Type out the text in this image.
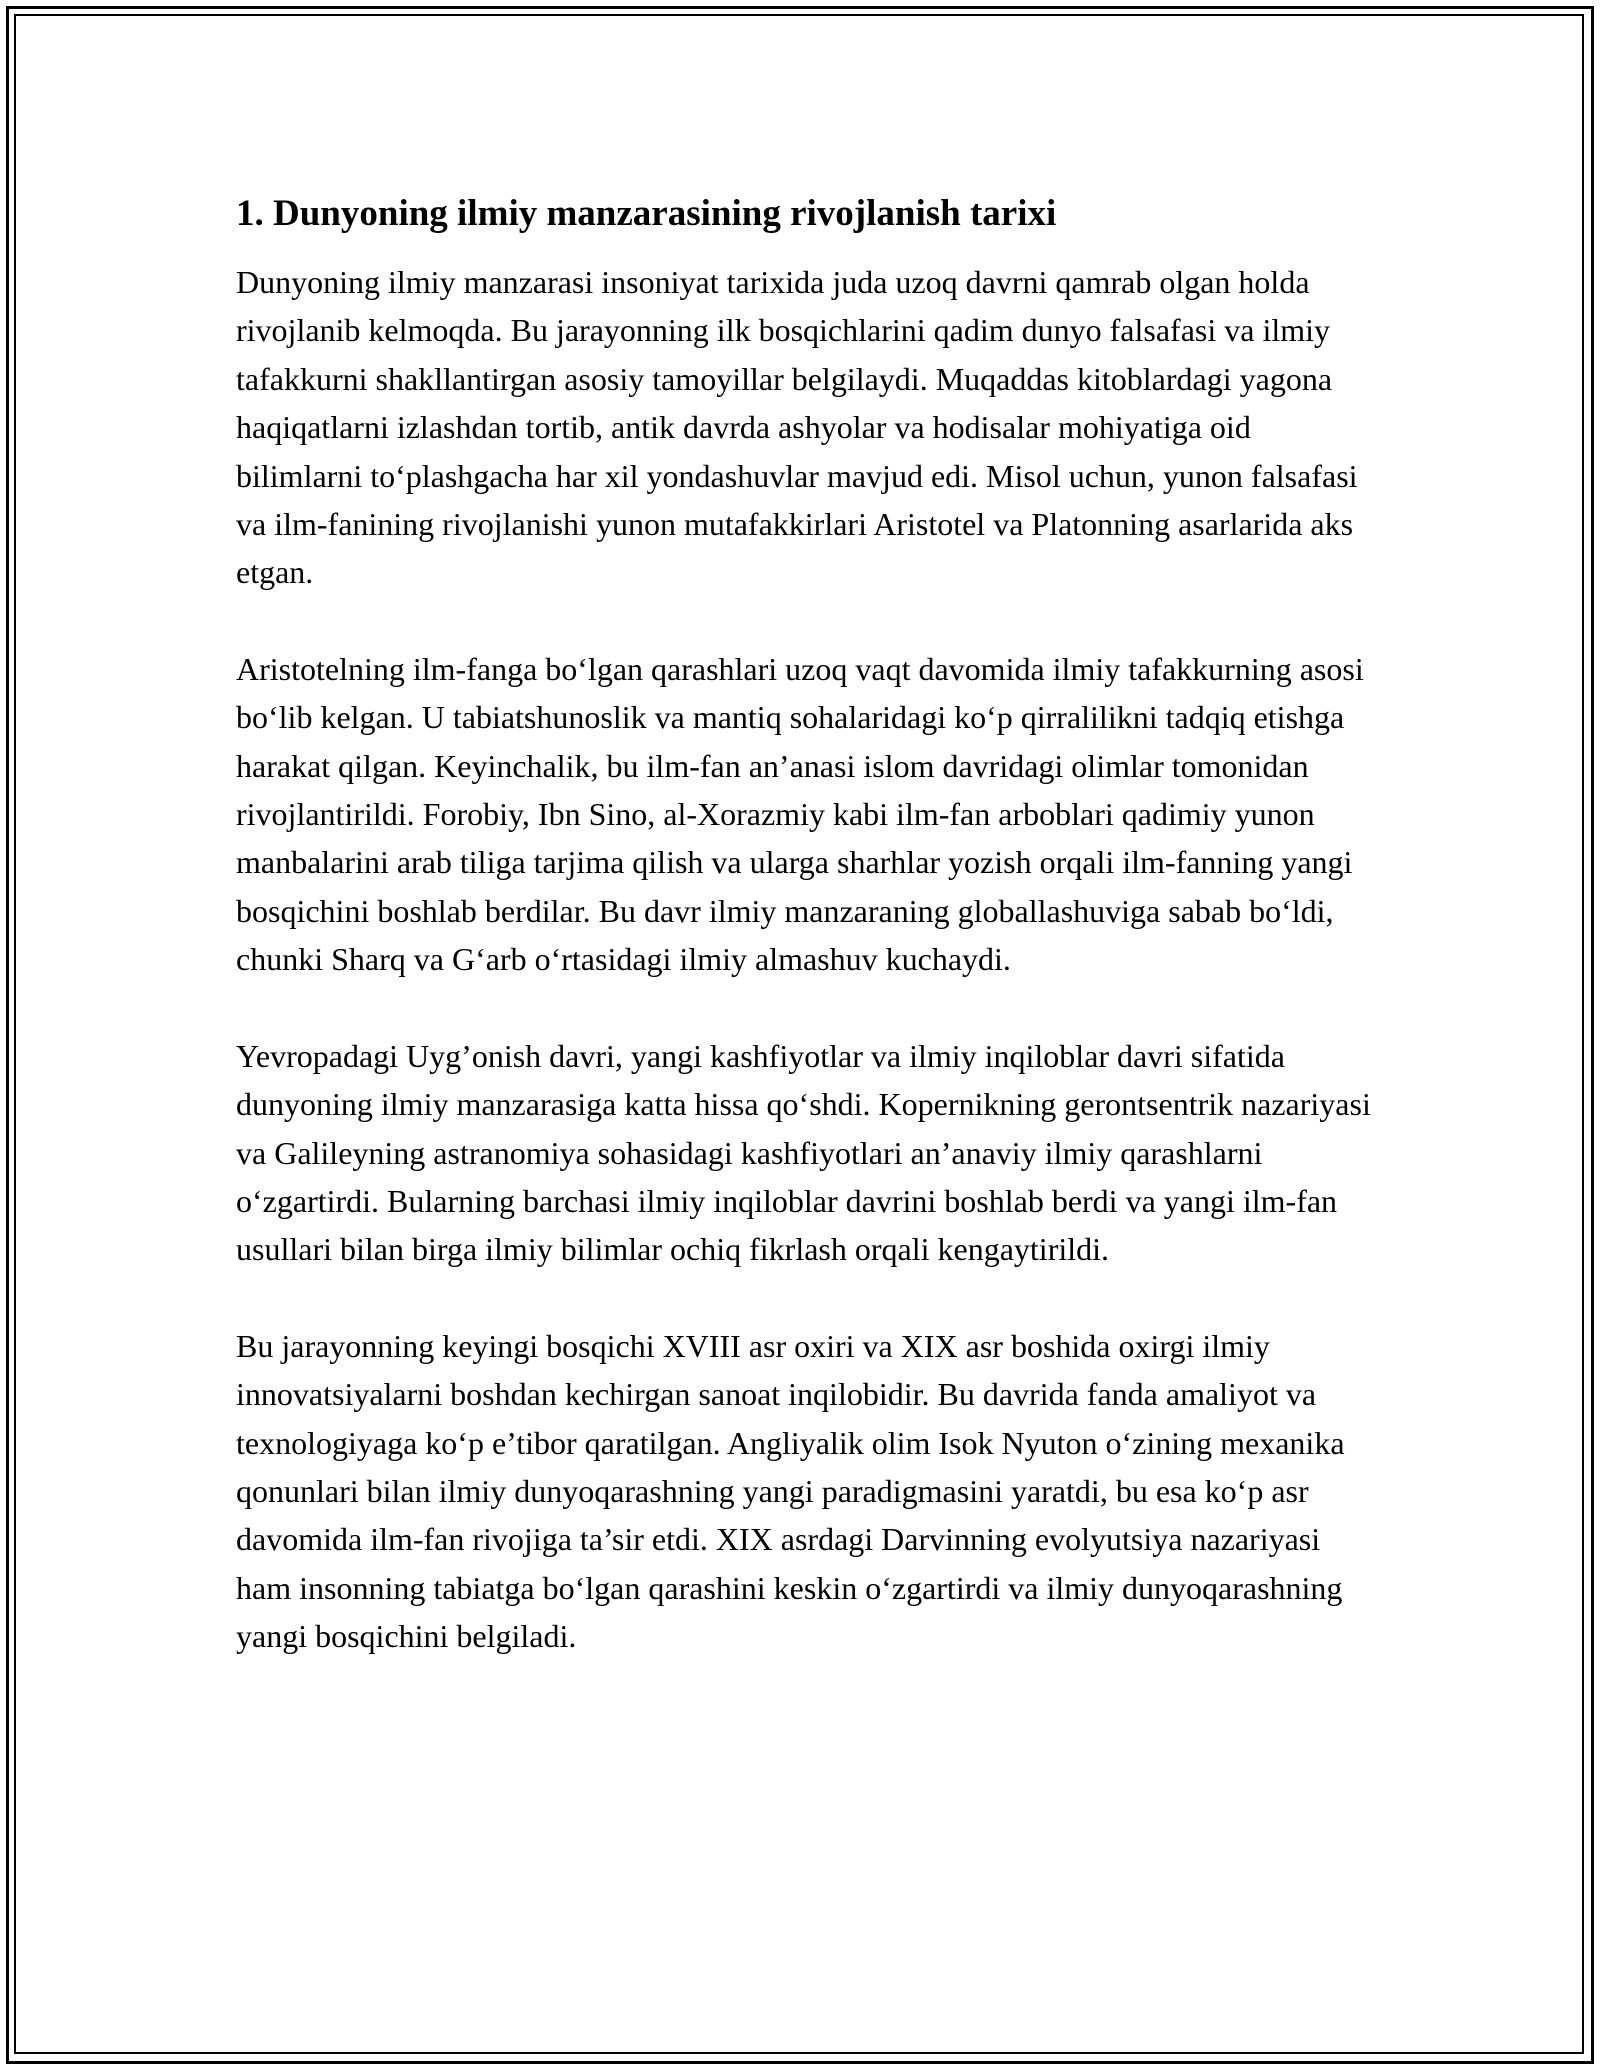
1. Dunyoning ilmiy manzarasining rivojlanish tarixi

Dunyoning ilmiy manzarasi insoniyat tarixida juda uzoq davrni qamrab olgan holda rivojlanib kelmoqda. Bu jarayonning ilk bosqichlarini qadim dunyo falsafasi va ilmiy tafakkurni shakllantirgan asosiy tamoyillar belgilaydi. Muqaddas kitoblardagi yagona haqiqatlarni izlashdan tortib, antik davrda ashyolar va hodisalar mohiyatiga oid bilimlarni to‘plashgacha har xil yondashuvlar mavjud edi. Misol uchun, yunon falsafasi va ilm-fanining rivojlanishi yunon mutafakkirlari Aristotel va Platonning asarlarida aks etgan.

Aristotelning ilm-fanga bo‘lgan qarashlari uzoq vaqt davomida ilmiy tafakkurning asosi bo‘lib kelgan. U tabiatshunoslik va mantiq sohalaridagi ko‘p qirralilikni tadqiq etishga harakat qilgan. Keyinchalik, bu ilm-fan an’anasi islom davridagi olimlar tomonidan rivojlantirildi. Forobiy, Ibn Sino, al-Xorazmiy kabi ilm-fan arboblari qadimiy yunon manbalarini arab tiliga tarjima qilish va ularga sharhlar yozish orqali ilm-fanning yangi bosqichini boshlab berdilar. Bu davr ilmiy manzaraning globallashuviga sabab bo‘ldi, chunki Sharq va G‘arb o‘rtasidagi ilmiy almashuv kuchaydi.

Yevropadagi Uyg’onish davri, yangi kashfiyotlar va ilmiy inqiloblar davri sifatida dunyoning ilmiy manzarasiga katta hissa qo‘shdi. Kopernikning gerontsentrik nazariyasi va Galileyning astranomiya sohasidagi kashfiyotlari an’anaviy ilmiy qarashlarni o‘zgartirdi. Bularning barchasi ilmiy inqiloblar davrini boshlab berdi va yangi ilm-fan usullari bilan birga ilmiy bilimlar ochiq fikrlash orqali kengaytirildi.

Bu jarayonning keyingi bosqichi XVIII asr oxiri va XIX asr boshida oxirgi ilmiy innovatsiyalarni boshdan kechirgan sanoat inqilobidir. Bu davrida fanda amaliyot va texnologiyaga ko‘p e’tibor qaratilgan. Angliyalik olim Isok Nyuton o‘zining mexanika qonunlari bilan ilmiy dunyoqarashning yangi paradigmasini yaratdi, bu esa ko‘p asr davomida ilm-fan rivojiga ta’sir etdi. XIX asrdagi Darvinning evolyutsiya nazariyasi ham insonning tabiatga bo‘lgan qarashini keskin o‘zgartirdi va ilmiy dunyoqarashning yangi bosqichini belgiladi.
